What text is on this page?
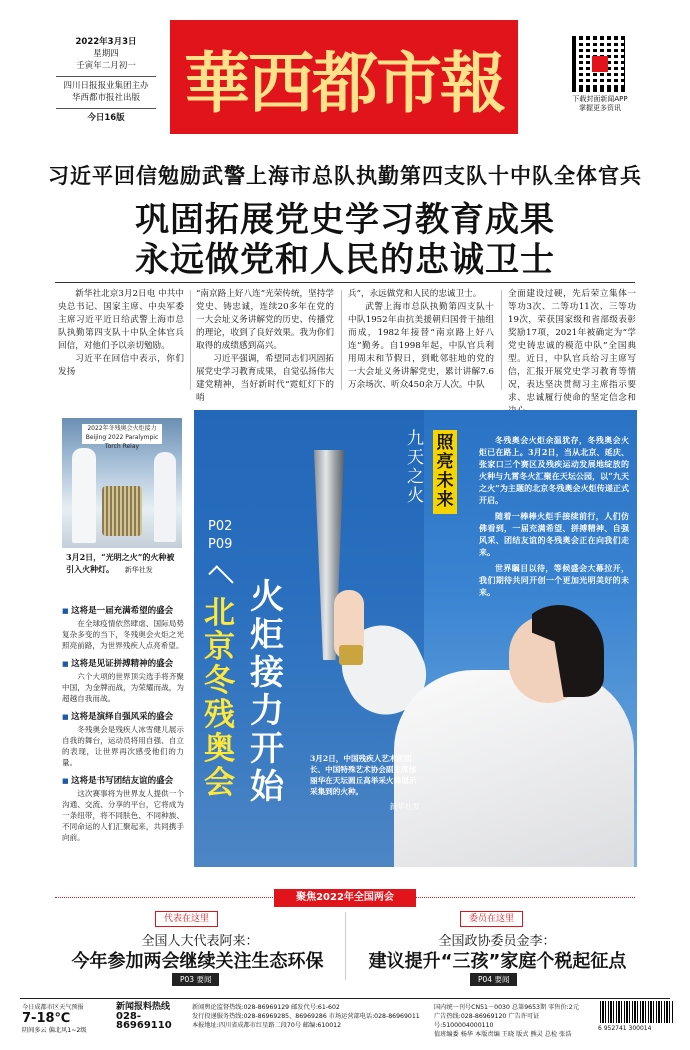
2022年3月3日
星期四
壬寅年二月初一
四川日报报业集团主办
华西都市报社出版
今日16版 華西都市報	下载封面新闻APP
掌握更多资讯
习近平回信勉励武警上海市总队执勤第四支队十中队全体官兵
巩固拓展党史学习教育成果
永远做党和人民的忠诚卫士
新华社北京3月2日电 中共中央总书记、国家主席、中央军委主席习近平近日给武警上海市总队执勤第四支队十中队全体官兵回信，对他们予以亲切勉励。
习近平在回信中表示，你们发扬
“南京路上好八连”光荣传统，坚持学党史、铸忠诚，连续20多年在党的一大会址义务讲解党的历史、传播党的理论，收到了良好效果。我为你们取得的成绩感到高兴。
习近平强调，希望同志们巩固拓展党史学习教育成果，自觉弘扬伟大建党精神，当好新时代“霓虹灯下的哨
兵”，永远做党和人民的忠诚卫士。
武警上海市总队执勤第四支队十中队1952年由抗美援朝归国骨干抽组而成，1982年接替“南京路上好八连”勤务。自1998年起，中队官兵利用周末和节假日，到毗邻驻地的党的一大会址义务讲解党史，累计讲解7.6万余场次、听众450余万人次。中队
全面建设过硬，先后荣立集体一等功3次、二等功11次、三等功19次，荣获国家级和省部级表彰奖励17项，2021年被确定为“学党史铸忠诚的模范中队”全国典型。近日，中队官兵给习主席写信，汇报开展党史学习教育等情况，表达坚决贯彻习主席指示要求、忠诚履行使命的坚定信念和
2022年冬残奥会火炬接力 Beijing 2022 Paralympic Torch Relay
3月2日，“光明之火”的火种被引入火种灯。 新华社发
■ 这将是一届充满希望的盛会
在全球疫情依然肆虐、国际局势复杂多变的当下，冬残奥会火炬之光照亮前路，为世界残疾人点亮希望。
■ 这将是见证拼搏精神的盛会
六个大项的世界顶尖选手将齐聚中国，为金牌而战，为荣耀而战，为超越自我而战。
■ 这将是演绎自强风采的盛会
冬残奥会是残疾人冰雪健儿展示自我的舞台，运动员将用自强、自立的表现，让世界再次感受他们的力量。
■ 这将是书写团结友谊的盛会
这次赛事将为世界友人提供一个沟通、交流、分享的平台，它将成为一条纽带，将不同肤色、不同种族、不同命运的人们汇聚起来，共同携手向前。
P02
P09
北京冬残奥会
火炬接力开始
九天之火
照亮未来

冬残奥会火炬余温犹存，冬残奥会火炬已在路上。3月2日，当从北京、延庆、张家口三个赛区及残疾运动发展地绽放的火种与九霄冬火汇聚在天坛公园，以“九天之火”为主题的北京冬残奥会火炬传递正式开启。

随着一棒棒火炬手接续前行，人们仿佛看到，一届充满希望、拼搏精神、自强风采、团结友谊的冬残奥会正在向我们走来。

世界瞩目以待，等候盛会大幕拉开，我们期待共同开创一个更加光明美好的未来。

3月2日，中国残疾人艺术团团长、中国特殊艺术协会副主席邰丽华在天坛圆丘高举采火棒展示采集到的火种。
新华社发
聚焦2022年全国两会
代表在这里
全国人大代表阿来：
今年参加两会继续关注生态环保
P03 要闻
委员在这里
全国政协委员金李：
建议提升“三孩”家庭个税起征点
P04 要闻
今日成都市区天气预报
7-18℃
阴间多云 偏北风1~2级
新闻报料热线
028-86969110
新闻舆论监督热线:028-86969129 邮发代号:61-602
发行投递服务热线:028-86969285、86969286 市场运营部电话:028-86969011
本报地址:四川省成都市红星路二段70号 邮编:610012
国内统一刊号CN51－0030 总第9653期 零售价:2元
广告热线:028-86969120 广告许可证号:5100004000110
值班编委 杨华 本版责编 王晓 版式 熊灵 总检 张浩
6 952741 300014
